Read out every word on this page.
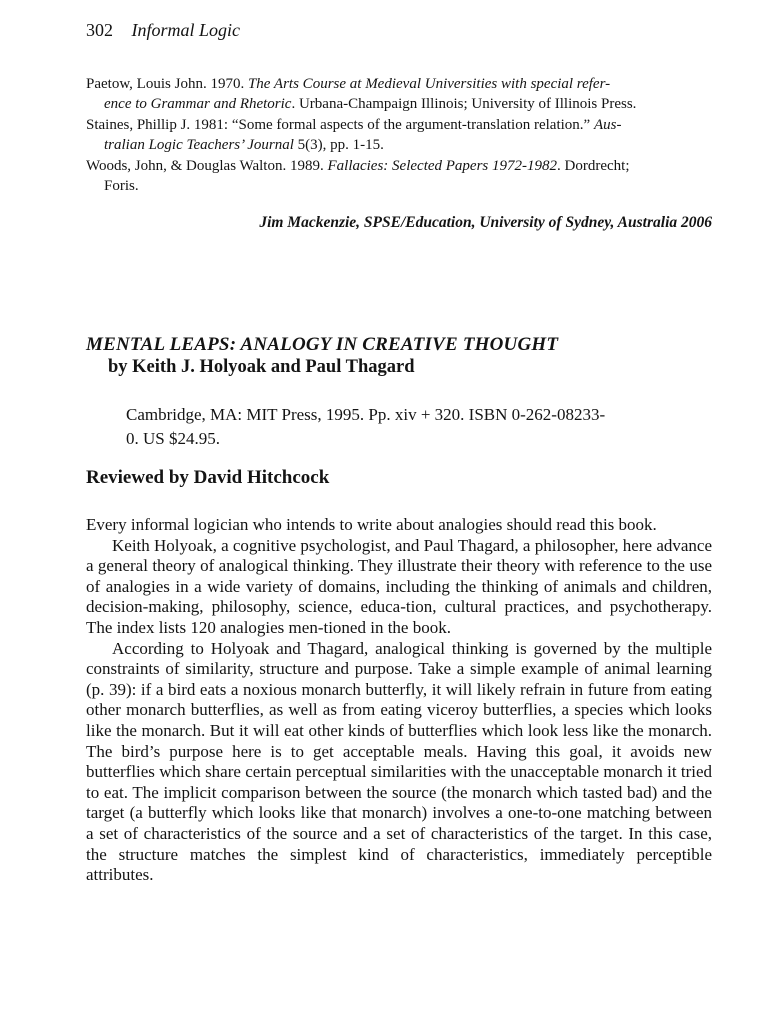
302 Informal Logic
Paetow, Louis John. 1970. The Arts Course at Medieval Universities with special refer-
ence to Grammar and Rhetoric. Urbana-Champaign Illinois; University of Illinois Press.
Staines, Phillip J. 1981: “Some formal aspects of the argument-translation relation.” Aus-
tralian Logic Teachers’ Journal 5(3), pp. 1-15.
Woods, John, & Douglas Walton. 1989. Fallacies: Selected Papers 1972-1982. Dordrecht;
Foris.
Jim Mackenzie, SPSE/Education, University of Sydney, Australia 2006
MENTAL LEAPS: ANALOGY IN CREATIVE THOUGHT
by Keith J. Holyoak and Paul Thagard
Cambridge, MA: MIT Press, 1995. Pp. xiv + 320. ISBN 0-262-08233-
0. US $24.95.
Reviewed by David Hitchcock

Every informal logician who intends to write about analogies should read this book.

Keith Holyoak, a cognitive psychologist, and Paul Thagard, a philosopher, here advance a general theory of analogical thinking. They illustrate their theory with reference to the use of analogies in a wide variety of domains, including the thinking of animals and children, decision-making, philosophy, science, educa-tion, cultural practices, and psychotherapy. The index lists 120 analogies men-tioned in the book.

According to Holyoak and Thagard, analogical thinking is governed by the multiple constraints of similarity, structure and purpose. Take a simple example of animal learning (p. 39): if a bird eats a noxious monarch butterfly, it will likely refrain in future from eating other monarch butterflies, as well as from eating viceroy butterflies, a species which looks like the monarch. But it will eat other kinds of butterflies which look less like the monarch. The bird’s purpose here is to get acceptable meals. Having this goal, it avoids new butterflies which share certain perceptual similarities with the unacceptable monarch it tried to eat. The implicit comparison between the source (the monarch which tasted bad) and the target (a butterfly which looks like that monarch) involves a one-to-one matching between a set of characteristics of the source and a set of characteristics of the target. In this case, the structure matches the simplest kind of characteristics, immediately perceptible attributes.
